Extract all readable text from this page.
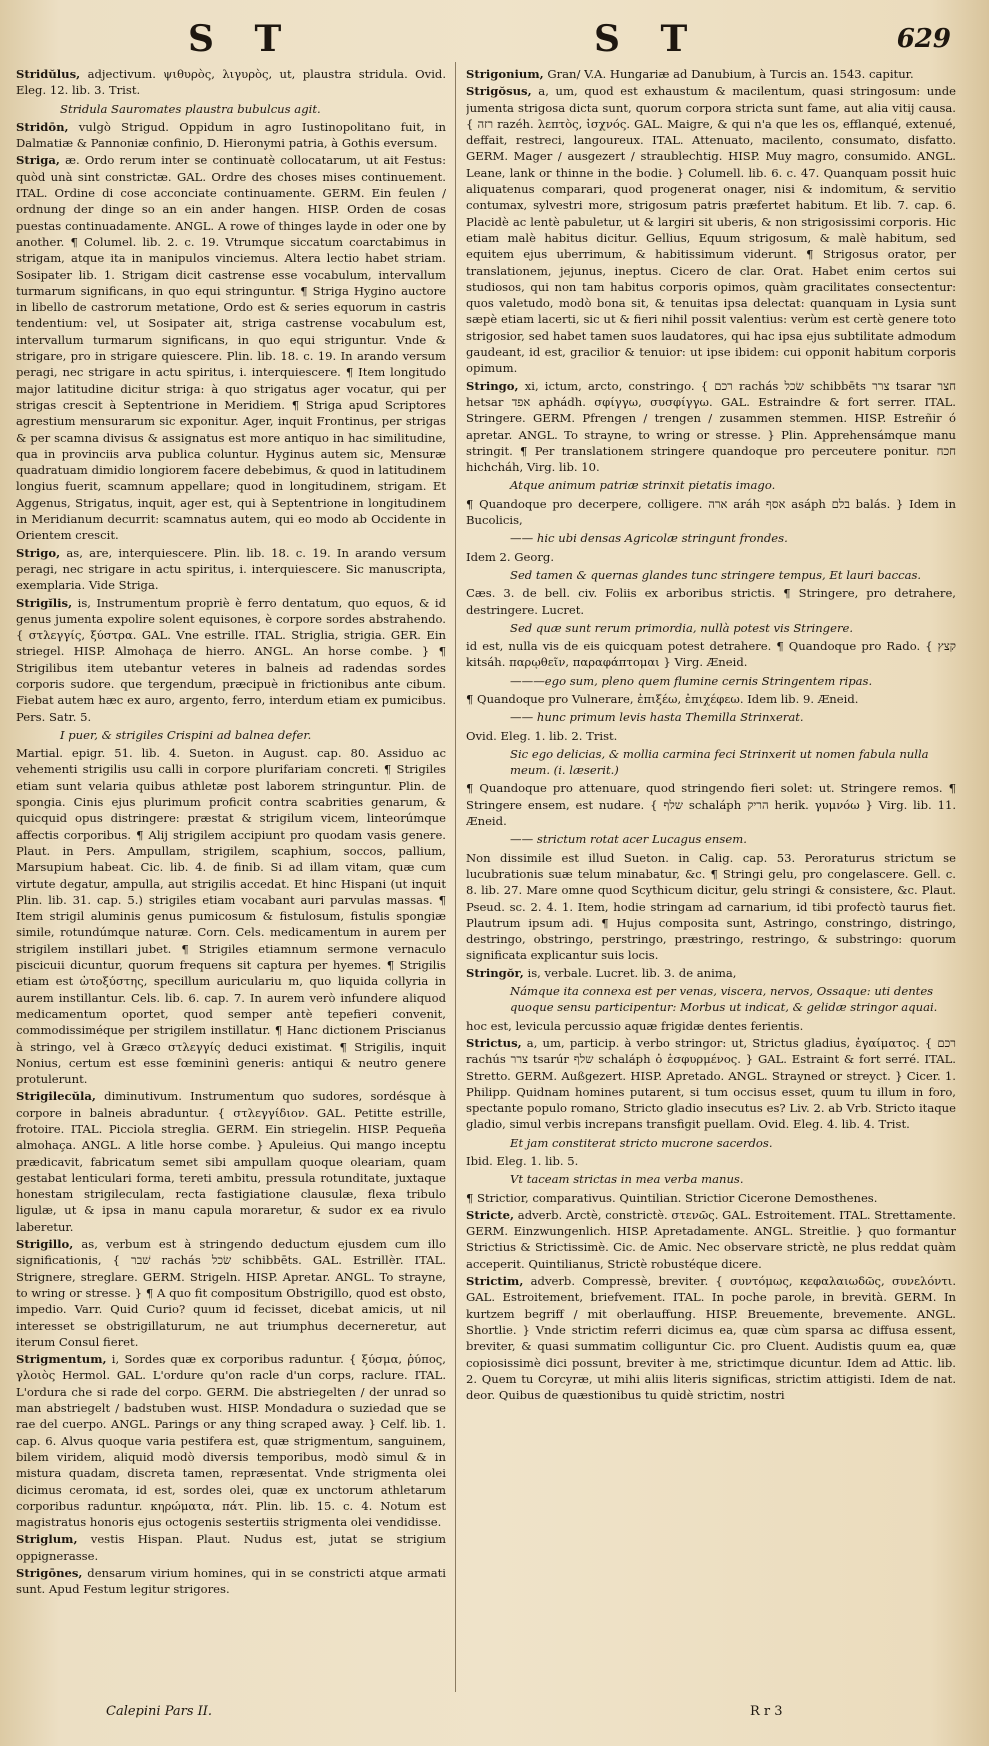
S T	S T	629
Stridŭlus, adjectivum. ψιθυρὸς, λιγυρὸς, ut, plaustra stridula. Ovid. Eleg. 12. lib. 3. Trist.
Stridula Sauromates plaustra bubulcus agit.
Stridōn, vulgò Strigud. Oppidum in agro Iustinopolitano fuit, in Dalmatiæ & Pannoniæ confinio, D. Hieronymi patria, à Gothis eversum.
Striga, æ. Ordo rerum inter se continuatè collocatarum, ut ait Festus: quòd unà sint constrictæ. GAL. Ordre des choses mises continuement. ITAL. Ordine di cose acconciate continuamente. GERM. Ein feulen / ordnung der dinge so an ein ander hangen. HISP. Orden de cosas puestas continuadamente. ANGL. A rowe of thinges layde in oder one by another. ¶ Columel. lib. 2. c. 19. Vtrumque siccatum coarctabimus in strigam, atque ita in manipulos vinciemus. Altera lectio habet striam. Sosipater lib. 1. Strigam dicit castrense esse vocabulum, intervallum turmarum significans, in quo equi stringuntur. ¶ Striga Hygino auctore in libello de castrorum metatione, Ordo est & series equorum in castris tendentium: vel, ut Sosipater ait, striga castrense vocabulum est, intervallum turmarum significans, in quo equi striguntur. Vnde & strigare, pro in strigare quiescere. Plin. lib. 18. c. 19. In arando versum peragi, nec strigare in actu spiritus, i. interquiescere. ¶ Item longitudo major latitudine dicitur striga: à quo strigatus ager vocatur, qui per strigas crescit à Septentrione in Meridiem. ¶ Striga apud Scriptores agrestium mensurarum sic exponitur. Ager, inquit Frontinus, per strigas & per scamna divisus & assignatus est more antiquo in hac similitudine, qua in provinciis arva publica coluntur. Hyginus autem sic, Mensuræ quadratuam dimidio longiorem facere debebimus, & quod in latitudinem longius fuerit, scamnum appellare; quod in longitudinem, strigam. Et Aggenus, Strigatus, inquit, ager est, qui à Septentrione in longitudinem in Meridianum decurrit: scamnatus autem, qui eo modo ab Occidente in Orientem crescit.
Strigo, as, are, interquiescere. Plin. lib. 18. c. 19. In arando versum peragi, nec strigare in actu spiritus, i. interquiescere. Sic manuscripta, exemplaria. Vide Striga.
Strigĭlis, is, Instrumentum propriè è ferro dentatum, quo equos, & id genus jumenta expolire solent equisones, è corpore sordes abstrahendo. { στλεγγίς, ξύστρα. GAL. Vne estrille. ITAL. Striglia, strigia. GER. Ein striegel. HISP. Almohaça de hierro. ANGL. An horse combe. } ¶ Strigilibus item utebantur veteres in balneis ad radendas sordes corporis sudore. que tergendum, præcipuè in frictionibus ante cibum. Fiebat autem hæc ex auro, argento, ferro, interdum etiam ex pumicibus. Pers. Satr. 5.
I puer, & strigiles Crispini ad balnea defer.
Martial. epigr. 51. lib. 4. Sueton. in August. cap. 80. Assiduo ac vehementi strigilis usu calli in corpore plurifariam concreti. ¶ Strigiles etiam sunt velaria quibus athletæ post laborem stringuntur. Plin. de spongia. Cinis ejus plurimum proficit contra scabrities genarum, & quicquid opus distringere: præstat & strigilum vicem, linteorúmque affectis corporibus. ¶ Alij strigilem accipiunt pro quodam vasis genere. Plaut. in Pers. Ampullam, strigilem, scaphium, soccos, pallium, Marsupium habeat. Cic. lib. 4. de finib. Si ad illam vitam, quæ cum virtute degatur, ampulla, aut strigilis accedat. Et hinc Hispani (ut inquit Plin. lib. 31. cap. 5.) strigiles etiam vocabant auri parvulas massas. ¶ Item strigil aluminis genus pumicosum & fistulosum, fistulis spongiæ simile, rotundúmque naturæ. Corn. Cels. medicamentum in aurem per strigilem instillari jubet. ¶ Strigiles etiamnum sermone vernaculo piscicuii dicuntur, quorum frequens sit captura per hyemes. ¶ Strigilis etiam est ὠτοξύστης, specillum auriculariu m, quo liquida collyria in aurem instillantur. Cels. lib. 6. cap. 7. In aurem verò infundere aliquod medicamentum oportet, quod semper antè tepefieri convenit, commodissiméque per strigilem instillatur. ¶ Hanc dictionem Priscianus à stringo, vel à Græco στλεγγίς deduci existimat. ¶ Strigilis, inquit Nonius, certum est esse fœmininì generis: antiqui & neutro genere protulerunt.
Strigilecŭla, diminutivum. Instrumentum quo sudores, sordésque à corpore in balneis abraduntur. { στλεγγίδιον. GAL. Petitte estrille, frotoire. ITAL. Picciola streglia. GERM. Ein striegelin. HISP. Pequeña almohaça. ANGL. A litle horse combe. } Apuleius. Qui mango inceptu prædicavit, fabricatum semet sibi ampullam quoque oleariam, quam gestabat lenticulari forma, tereti ambitu, pressula rotunditate, juxtaque honestam strigileculam, recta fastigiatione clausulæ, flexa tribulo ligulæ, ut & ipsa in manu capula moraretur, & sudor ex ea rivulo laberetur.
Strigillo, as, verbum est à stringendo deductum ejusdem cum illo significationis, { שׁבר rachás שׂכל schibbēts. GAL. Estrillèr. ITAL. Strignere, streglare. GERM. Strigeln. HISP. Apretar. ANGL. To strayne, to wring or stresse. } ¶ A quo fit compositum Obstrigillo, quod est obsto, impedio. Varr. Quid Curio? quum id fecisset, dicebat amicis, ut nil interesset se obstrigillaturum, ne aut triumphus decerneretur, aut iterum Consul fieret.
Strigmentum, i, Sordes quæ ex corporibus raduntur. { ξύσμα, ῥύπος, γλοιὸς Hermol. GAL. L'ordure qu'on racle d'un corps, raclure. ITAL. L'ordura che si rade del corpo. GERM. Die abstriegelten / der unrad so man abstriegelt / badstuben wust. HISP. Mondadura o suziedad que se rae del cuerpo. ANGL. Parings or any thing scraped away. } Celf. lib. 1. cap. 6. Alvus quoque varia pestifera est, quæ strigmentum, sanguinem, bilem viridem, aliquid modò diversis temporibus, modò simul & in mistura quadam, discreta tamen, repræsentat. Vnde strigmenta olei dicimus ceromata, id est, sordes olei, quæ ex unctorum athletarum corporibus raduntur. κηρώματα, πάτ. Plin. lib. 15. c. 4. Notum est magistratus honoris ejus octogenis sestertiis strigmenta olei vendidisse.
Striglum, vestis Hispan. Plaut. Nudus est, jutat se strigium oppignerasse.
Strigōnes, densarum virium homines, qui in se constricti atque armati sunt. Apud Festum legitur strigores.
Strigonium, Gran/ V.A. Hungariæ ad Danubium, à Turcis an. 1543. capitur.
Strigŏsus, a, um, quod est exhaustum & macilentum, quasi stringosum: unde jumenta strigosa dicta sunt, quorum corpora stricta sunt fame, aut alia vitij causa. { רזה razéh. λεπτὸς, ἰσχνός. GAL. Maigre, & qui n'a que les os, efflanqué, extenué, deffait, restreci, langoureux. ITAL. Attenuato, macilento, consumato, disfatto. GERM. Mager / ausgezert / straublechtig. HISP. Muy magro, consumido. ANGL. Leane, lank or thinne in the bodie. } Columell. lib. 6. c. 47. Quanquam possit huic aliquatenus comparari, quod progenerat onager, nisi & indomitum, & servitio contumax, sylvestri more, strigosum patris præfertet habitum. Et lib. 7. cap. 6. Placidè ac lentè pabuletur, ut & largiri sit uberis, & non strigosissimi corporis. Hic etiam malè habitus dicitur. Gellius, Equum strigosum, & malè habitum, sed equitem ejus uberrimum, & habitissimum viderunt. ¶ Strigosus orator, per translationem, jejunus, ineptus. Cicero de clar. Orat. Habet enim certos sui studiosos, qui non tam habitus corporis opimos, quàm gracilitates consectentur: quos valetudo, modò bona sit, & tenuitas ipsa delectat: quanquam in Lysia sunt sæpè etiam lacerti, sic ut & fieri nihil possit valentius: verùm est certè genere toto strigosior, sed habet tamen suos laudatores, qui hac ipsa ejus subtilitate admodum gaudeant, id est, gracilior & tenuior: ut ipse ibidem: cui opponit habitum corporis opimum.
Stringo, xi, ictum, arcto, constringo. { רכם rachás שׂכל schibbēts צרר tsarar חצר hetsar אפד aphádh. σφίγγω, συσφίγγω. GAL. Estraindre & fort serrer. ITAL. Stringere. GERM. Pfrengen / trengen / zusammen stemmen. HISP. Estreñir ó apretar. ANGL. To strayne, to wring or stresse. } Plin. Apprehensámque manu stringit. ¶ Per translationem stringere quandoque pro perceutere ponitur. חכח hichcháh, Virg. lib. 10.
Atque animum patriæ strinxit pietatis imago.
¶ Quandoque pro decerpere, colligere. ארה aráh אסף asáph בלם balás. } Idem in Bucolicis,
—— hic ubi densas Agricolæ stringunt frondes.
Idem 2. Georg.
Sed tamen & quernas glandes tunc stringere tempus, Et lauri baccas.
Cæs. 3. de bell. civ. Foliis ex arboribus strictis. ¶ Stringere, pro detrahere, destringere. Lucret.
Sed quæ sunt rerum primordia, nullà potest vis Stringere.
id est, nulla vis de eis quicquam potest detrahere. ¶ Quandoque pro Rado. { קצץ kitsáh. παρῳθεῖν, παραφάπτομαι } Virg. Æneid.
———ego sum, pleno quem flumine cernis Stringentem ripas.
¶ Quandoque pro Vulnerare, ἐπιξέω, ἐπιχέφεω. Idem lib. 9. Æneid.
—— hunc primum levis hasta Themilla Strinxerat.
Ovid. Eleg. 1. lib. 2. Trist.
Sic ego delicias, & mollia carmina feci Strinxerit ut nomen fabula nulla meum. (i. læserit.)
¶ Quandoque pro attenuare, quod stringendo fieri solet: ut. Stringere remos. ¶ Stringere ensem, est nudare. { שלף schaláph הריק herik. γυμνόω } Virg. lib. 11. Æneid.
—— strictum rotat acer Lucagus ensem.
Non dissimile est illud Sueton. in Calig. cap. 53. Peroraturus strictum se lucubrationis suæ telum minabatur, &c. ¶ Stringi gelu, pro congelascere. Gell. c. 8. lib. 27. Mare omne quod Scythicum dicitur, gelu stringi & consistere, &c. Plaut. Pseud. sc. 2. 4. 1. Item, hodie stringam ad carnarium, id tibi profectò taurus fiet. Plautrum ipsum adi. ¶ Hujus composita sunt, Astringo, constringo, distringo, destringo, obstringo, perstringo, præstringo, restringo, & substringo: quorum significata explicantur suis locis.
Stringŏr, is, verbale. Lucret. lib. 3. de anima,
Námque ita connexa est per venas, viscera, nervos, Ossaque: uti dentes quoque sensu participentur: Morbus ut indicat, & gelidæ stringor aquai.
hoc est, levicula percussio aquæ frigidæ dentes ferientis.
Strictus, a, um, particip. à verbo stringor: ut, Strictus gladius, ἐγαίματος. { רכם rachús צרר tsarúr שלף schaláph ὁ ἑσφυρμένος. } GAL. Estraint & fort serré. ITAL. Stretto. GERM. Außgezert. HISP. Apretado. ANGL. Strayned or streyct. } Cicer. 1. Philipp. Quidnam homines putarent, si tum occisus esset, quum tu illum in foro, spectante populo romano, Stricto gladio insecutus es? Liv. 2. ab Vrb. Stricto itaque gladio, simul verbis increpans transfigit puellam. Ovid. Eleg. 4. lib. 4. Trist.
Et jam constiterat stricto mucrone sacerdos.
Ibid. Eleg. 1. lib. 5.
Vt taceam strictas in mea verba manus.
¶ Strictior, comparativus. Quintilian. Strictior Cicerone Demosthenes.
Stricte, adverb. Arctè, constrictè. στενῶς. GAL. Estroitement. ITAL. Strettamente. GERM. Einzwungenlich. HISP. Apretadamente. ANGL. Streitlie. } quo formantur Strictius & Strictissimè. Cic. de Amic. Nec observare strictè, ne plus reddat quàm acceperit. Quintilianus, Strictè robustéque dicere.
Strictim, adverb. Compressè, breviter. { συντόμως, κεφαλαιωδῶς, συνελόντι. GAL. Estroitement, briefvement. ITAL. In poche parole, in brevità. GERM. In kurtzem begriff / mit oberlauffung. HISP. Breuemente, brevemente. ANGL. Shortlie. } Vnde strictim referri dicimus ea, quæ cùm sparsa ac diffusa essent, breviter, & quasi summatim colliguntur Cic. pro Cluent. Audistis quum ea, quæ copiosissimè dici possunt, breviter à me, strictimque dicuntur. Idem ad Attic. lib. 2. Quem tu Corcyræ, ut mihi aliis literis significas, strictim attigisti. Idem de nat. deor. Quibus de quæstionibus tu quidè strictim, nostri
Calepini Pars II.	R r 3
